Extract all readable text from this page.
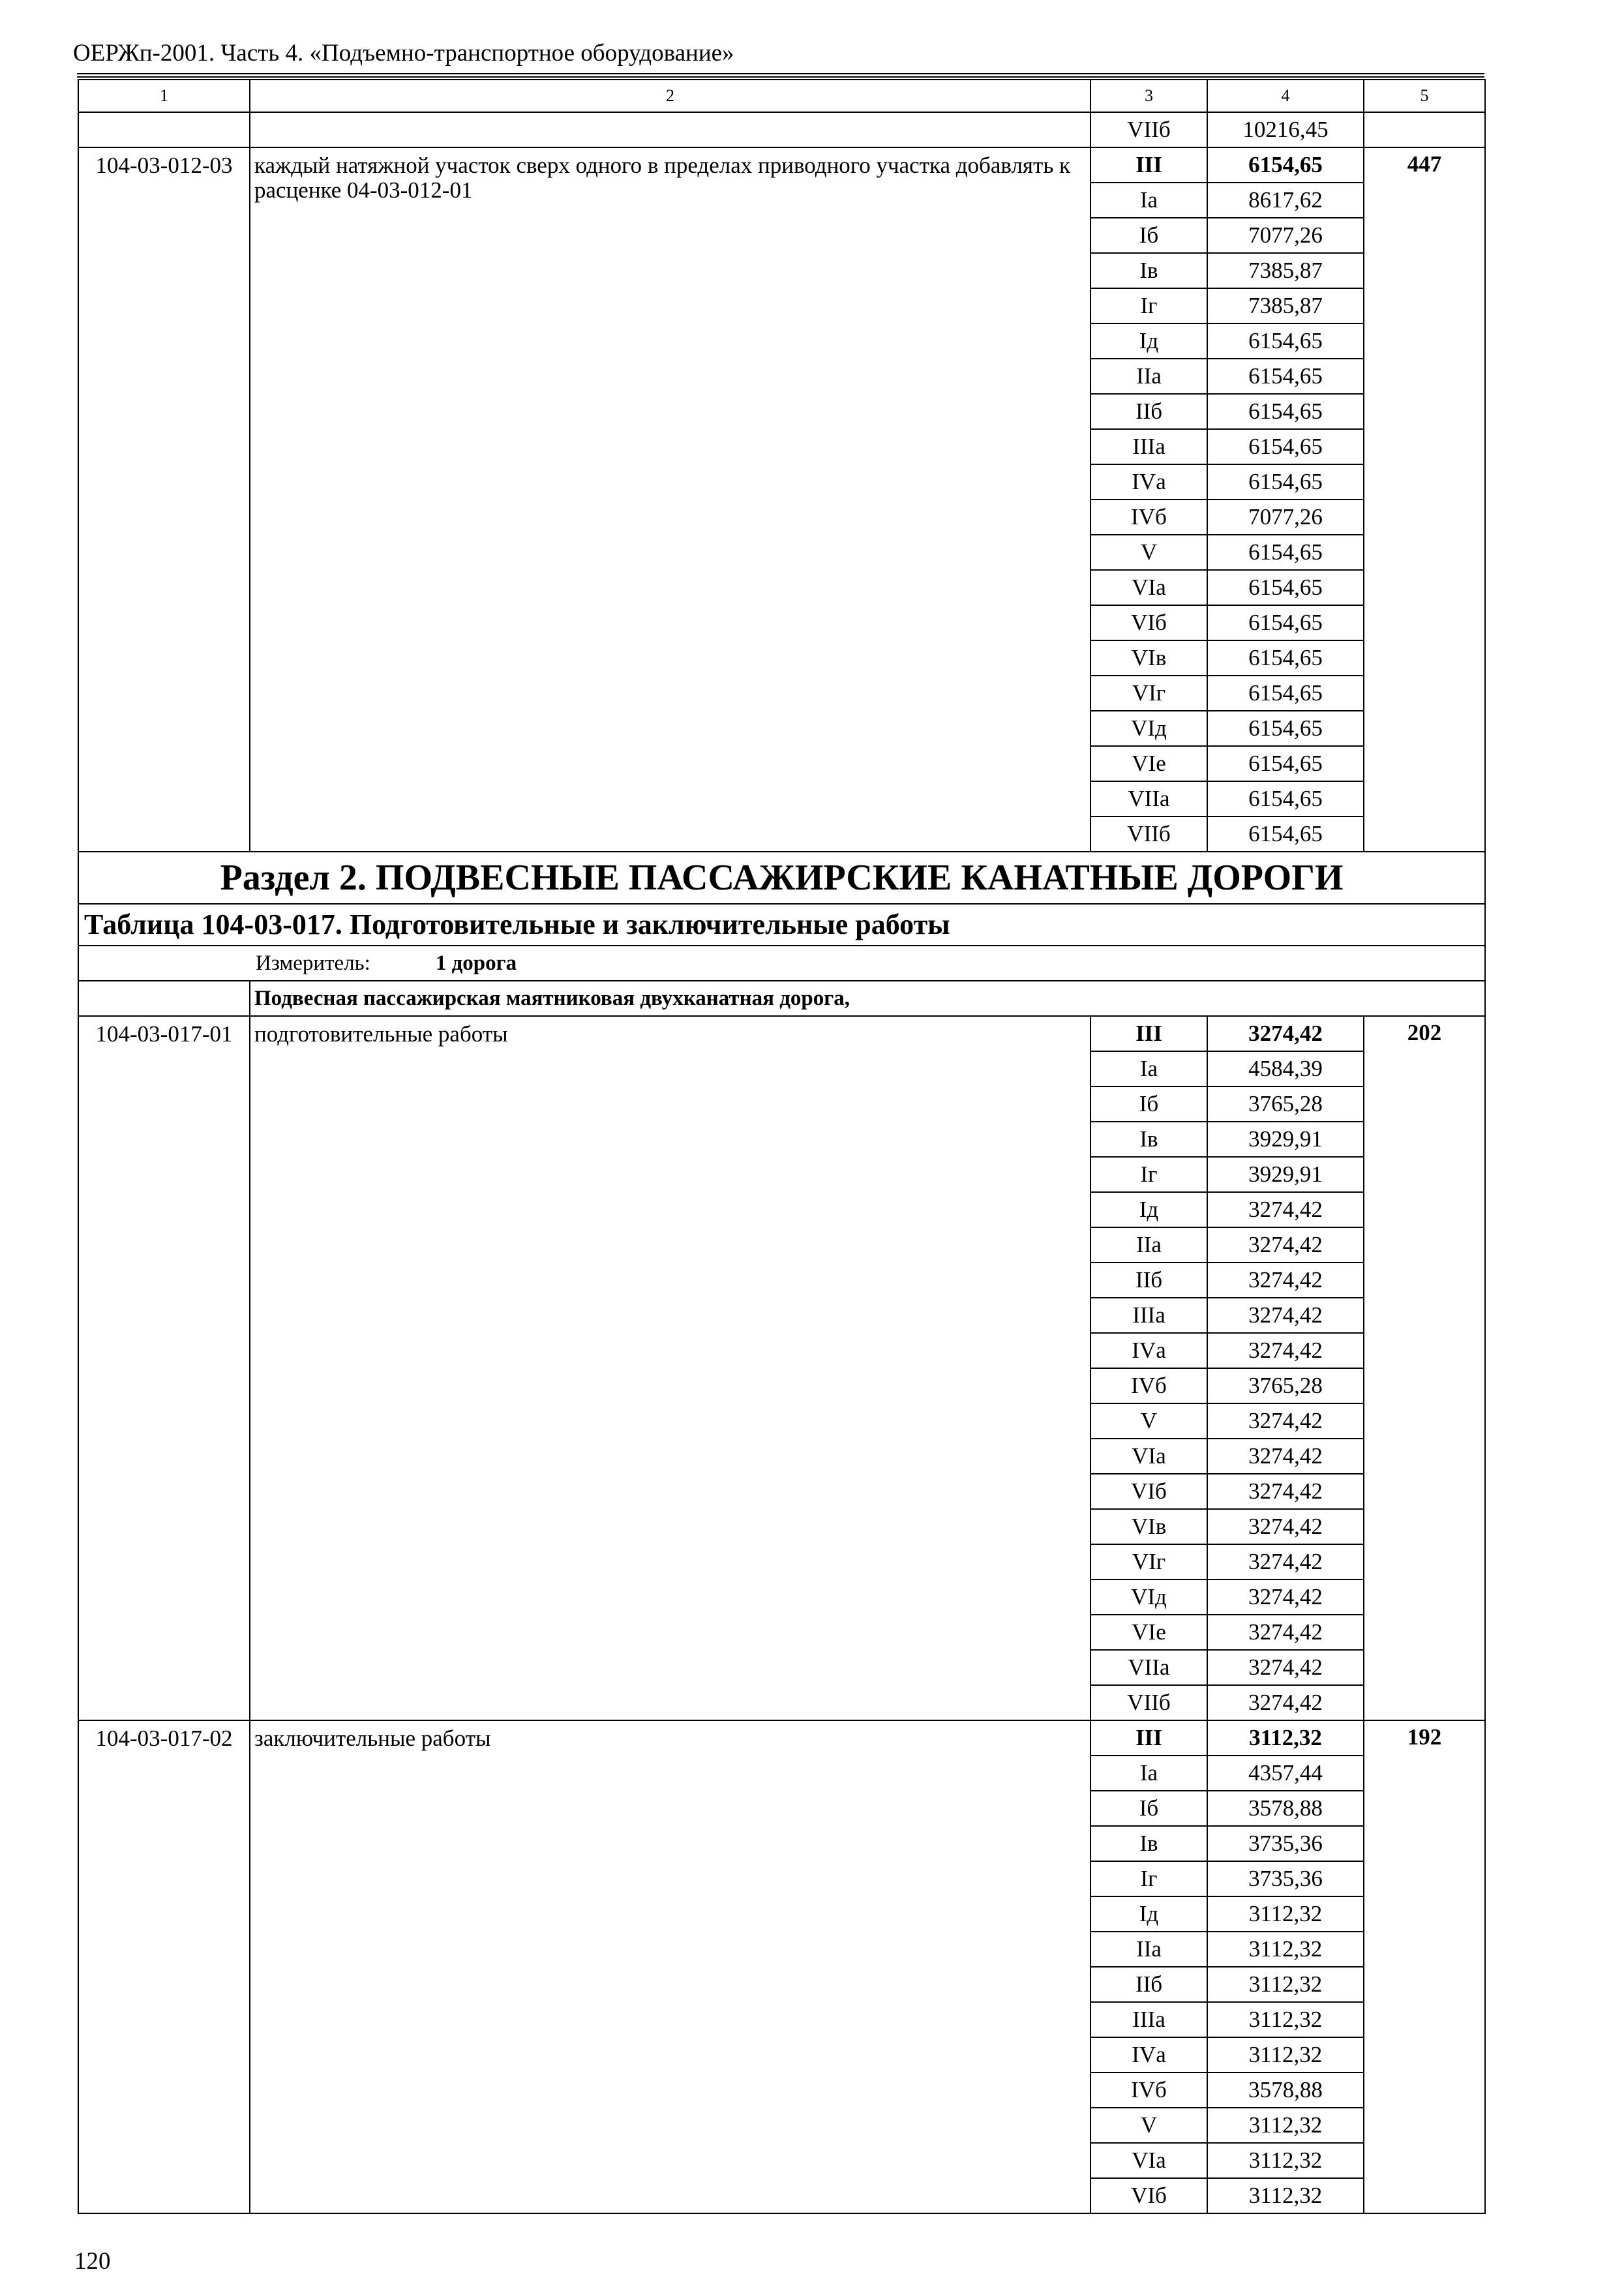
ОЕРЖп-2001. Часть 4. «Подъемно-транспортное оборудование»
1	2	3	4	5
		VIIб	10216,45	
104-03-012-03	каждый натяжной участок сверх одного в пределах приводного участка добавлять к расценке 04-03-012-01	III	6154,65	447
		Iа	8617,62	
		Iб	7077,26	
		Iв	7385,87	
		Iг	7385,87	
		Iд	6154,65	
		IIа	6154,65	
		IIб	6154,65	
		IIIа	6154,65	
		IVа	6154,65	
		IVб	7077,26	
		V	6154,65	
		VIа	6154,65	
		VIб	6154,65	
		VIв	6154,65	
		VIг	6154,65	
		VIд	6154,65	
		VIе	6154,65	
		VIIа	6154,65	
		VIIб	6154,65	
Раздел 2. ПОДВЕСНЫЕ ПАССАЖИРСКИЕ КАНАТНЫЕ ДОРОГИ				
Таблица 104-03-017. Подготовительные и заключительные работы				
Измеритель: 1 дорога				
	Подвесная пассажирская маятниковая двухканатная дорога,			
104-03-017-01	подготовительные работы	III	3274,42	202
		Iа	4584,39	
		Iб	3765,28	
		Iв	3929,91	
		Iг	3929,91	
		Iд	3274,42	
		IIа	3274,42	
		IIб	3274,42	
		IIIа	3274,42	
		IVа	3274,42	
		IVб	3765,28	
		V	3274,42	
		VIа	3274,42	
		VIб	3274,42	
		VIв	3274,42	
		VIг	3274,42	
		VIд	3274,42	
		VIе	3274,42	
		VIIа	3274,42	
		VIIб	3274,42	
104-03-017-02	заключительные работы	III	3112,32	192
		Iа	4357,44	
		Iб	3578,88	
		Iв	3735,36	
		Iг	3735,36	
		Iд	3112,32	
		IIа	3112,32	
		IIб	3112,32	
		IIIа	3112,32	
		IVа	3112,32	
		IVб	3578,88	
		V	3112,32	
		VIа	3112,32	
		VIб	3112,32	
120
